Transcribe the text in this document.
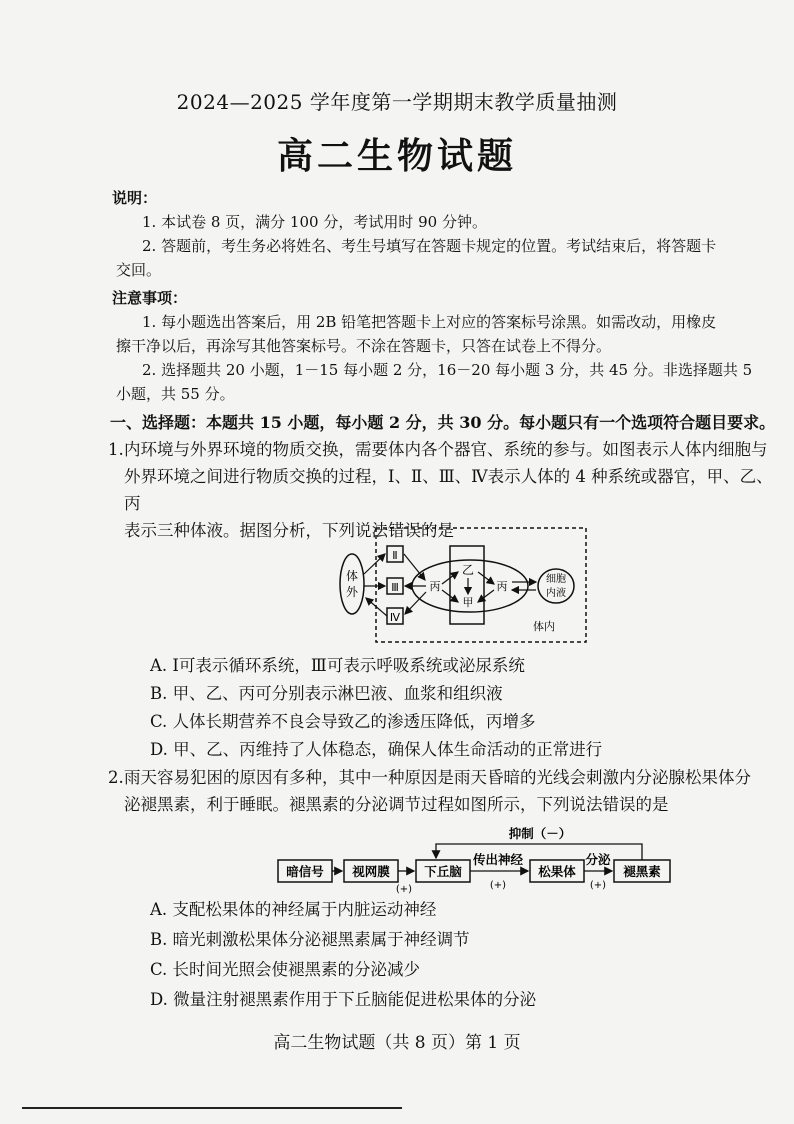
2024—2025 学年度第一学期期末教学质量抽测
高二生物试题
说明：
1. 本试卷 8 页，满分 100 分，考试用时 90 分钟。
2. 答题前，考生务必将姓名、考生号填写在答题卡规定的位置。考试结束后，将答题卡
交回。
注意事项：
1. 每小题选出答案后，用 2B 铅笔把答题卡上对应的答案标号涂黑。如需改动，用橡皮
擦干净以后，再涂写其他答案标号。不涂在答题卡，只答在试卷上不得分。
2. 选择题共 20 小题，1－15 每小题 2 分，16－20 每小题 3 分，共 45 分。非选择题共 5
小题，共 55 分。
一、选择题：本题共 15 小题，每小题 2 分，共 30 分。每小题只有一个选项符合题目要求。
1. 内环境与外界环境的物质交换，需要体内各个器官、系统的参与。如图表示人体内细胞与
外界环境之间进行物质交换的过程，Ⅰ、Ⅱ、Ⅲ、Ⅳ表示人体的 4 种系统或器官，甲、乙、丙
表示三种体液。据图分析，下列说法错误的是
体
外
Ⅱ
Ⅲ
Ⅳ
丙
乙
甲
丙
细胞
内液
体内
A. Ⅰ可表示循环系统，Ⅲ可表示呼吸系统或泌尿系统
B. 甲、乙、丙可分别表示淋巴液、血浆和组织液
C. 人体长期营养不良会导致乙的渗透压降低，丙增多
D. 甲、乙、丙维持了人体稳态，确保人体生命活动的正常进行
2. 雨天容易犯困的原因有多种，其中一种原因是雨天昏暗的光线会刺激内分泌腺松果体分
泌褪黑素，利于睡眠。褪黑素的分泌调节过程如图所示，下列说法错误的是
抑制（－）
暗信号 视网膜
(+)
下丘脑
传出神经
(+)
松果体
分泌
(+)
褪黑素
A. 支配松果体的神经属于内脏运动神经
B. 暗光刺激松果体分泌褪黑素属于神经调节
C. 长时间光照会使褪黑素的分泌减少
D. 微量注射褪黑素作用于下丘脑能促进松果体的分泌
高二生物试题（共 8 页）第 1 页
